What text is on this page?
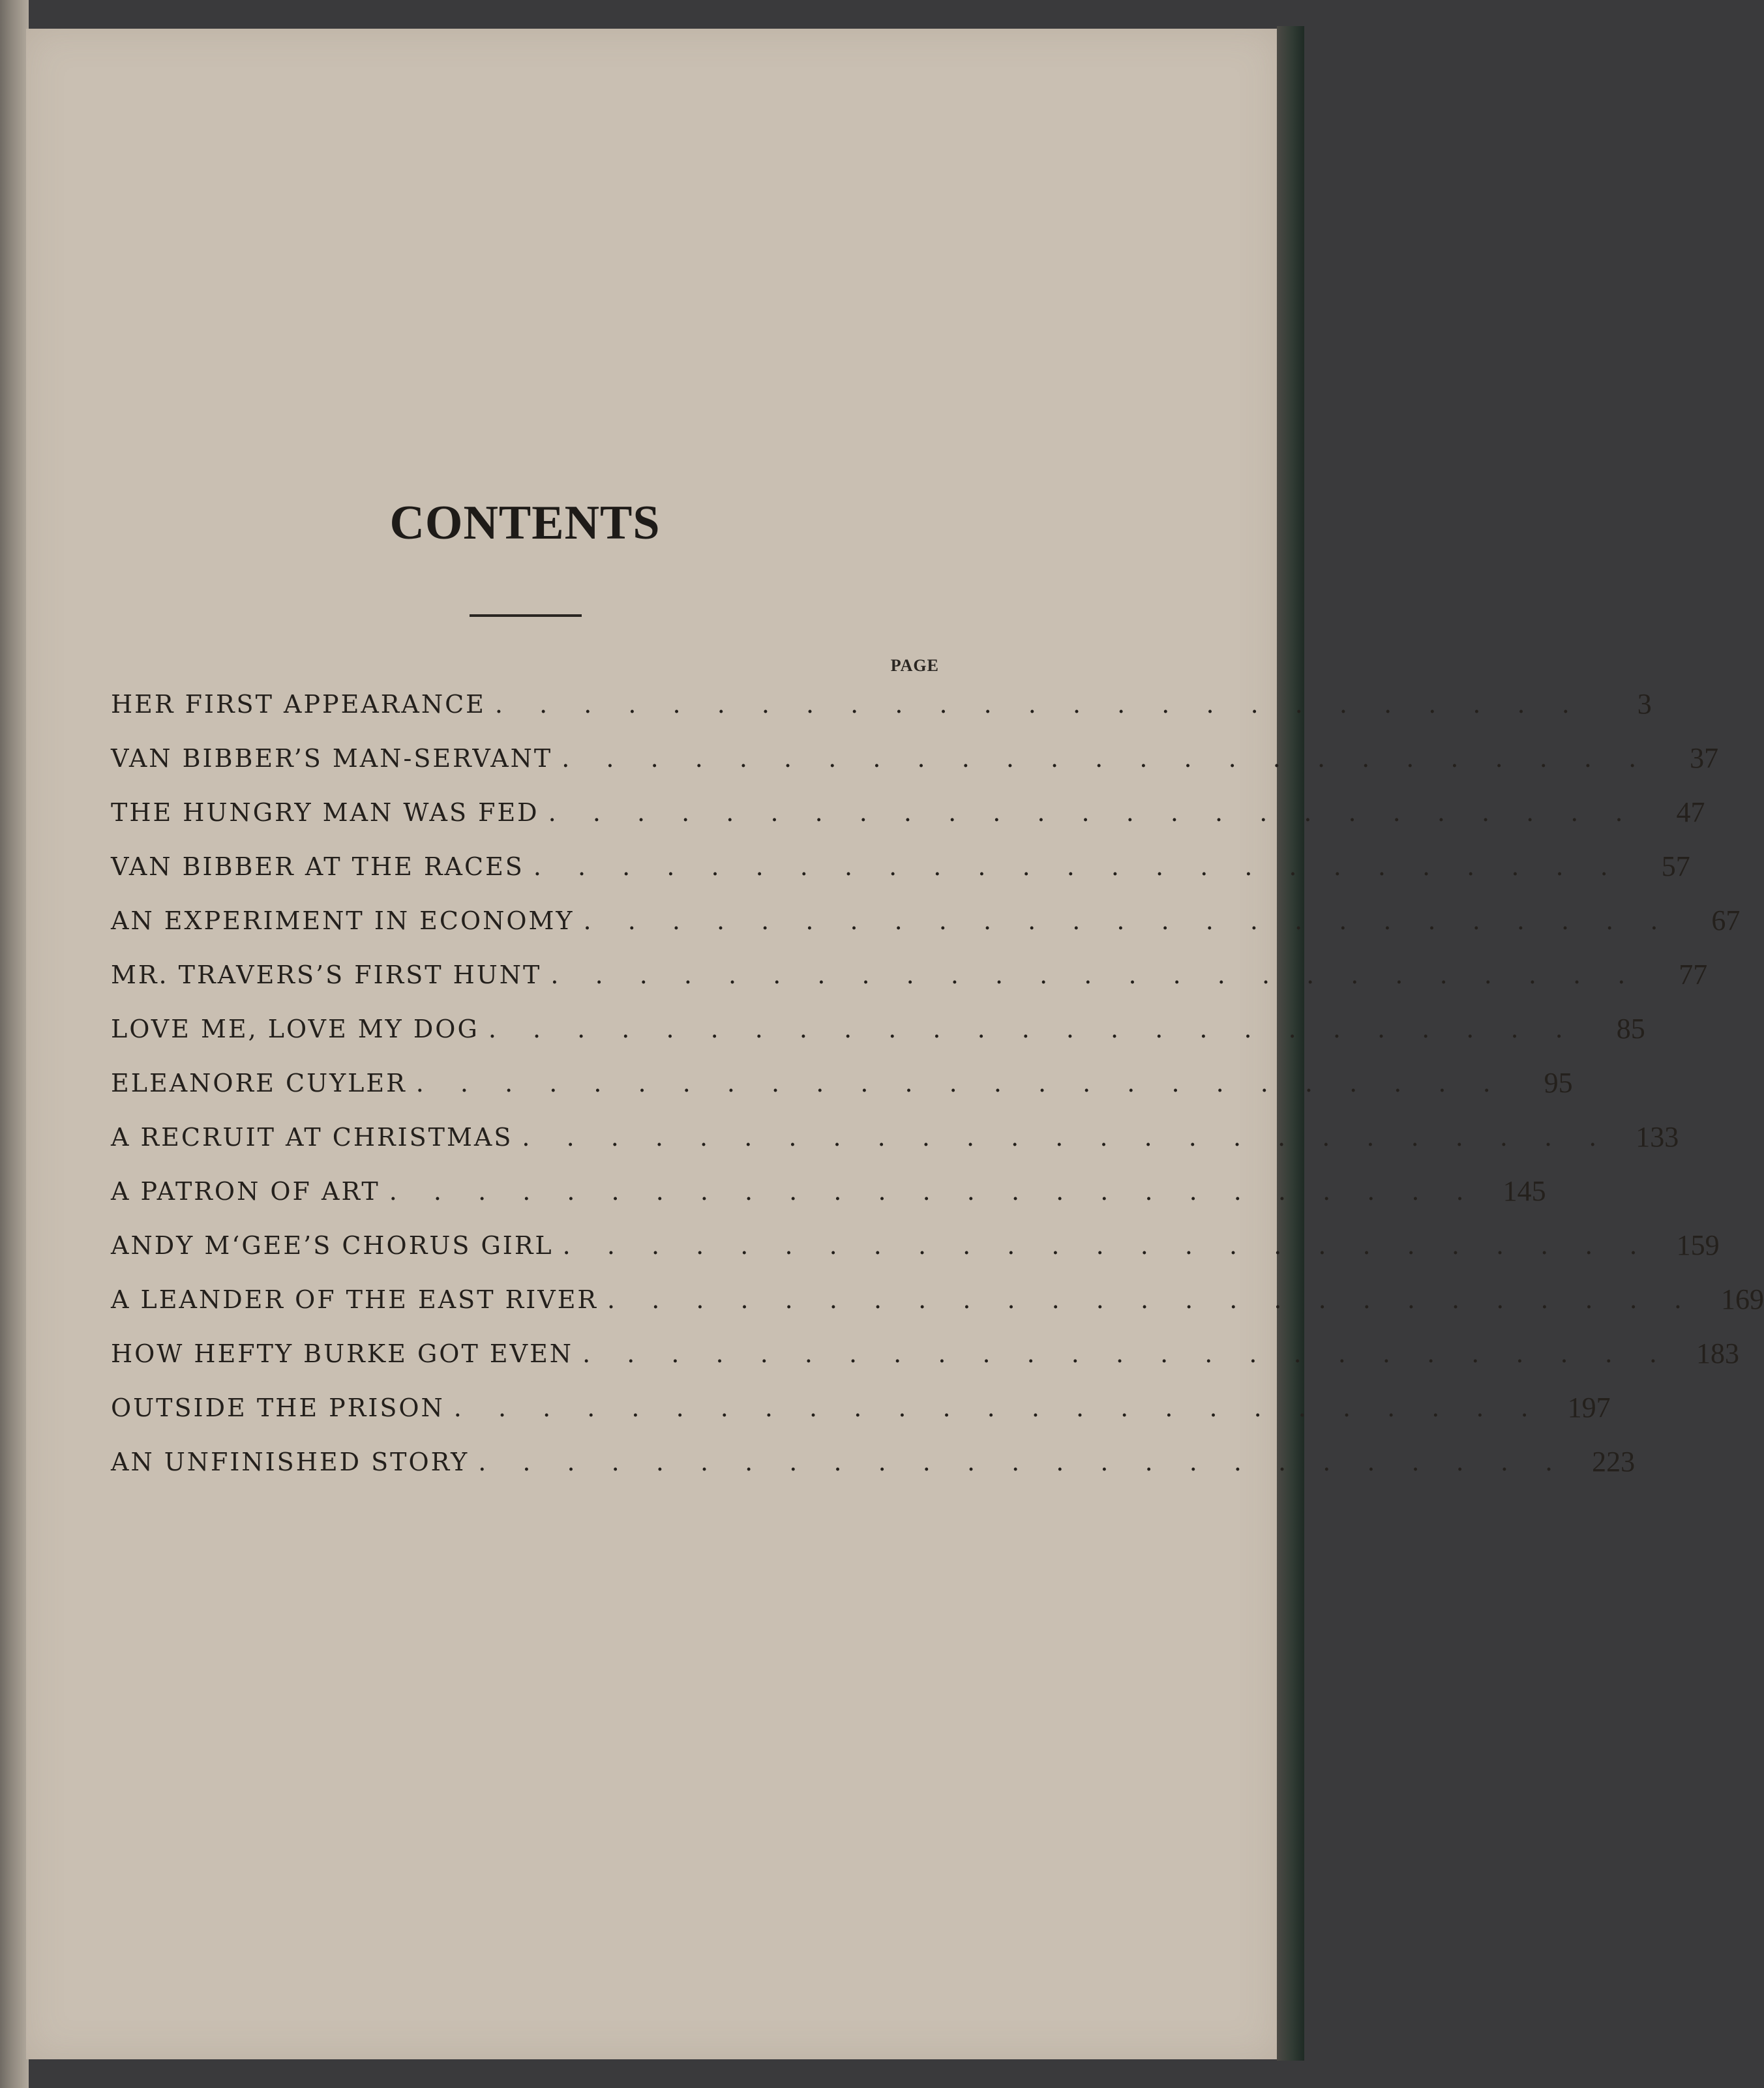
CONTENTS
PAGE
HER FIRST APPEARANCE . . . . . . . . . . . . . . . . . . . . . . . . .	3
VAN BIBBER’S MAN-SERVANT . . . . . . . . . . . . . . . . . . . . . . . . .	37
THE HUNGRY MAN WAS FED . . . . . . . . . . . . . . . . . . . . . . . . .	47
VAN BIBBER AT THE RACES . . . . . . . . . . . . . . . . . . . . . . . . .	57
AN EXPERIMENT IN ECONOMY . . . . . . . . . . . . . . . . . . . . . . . . .	67
MR. TRAVERS’S FIRST HUNT . . . . . . . . . . . . . . . . . . . . . . . . .	77
LOVE ME, LOVE MY DOG . . . . . . . . . . . . . . . . . . . . . . . . .	85
ELEANORE CUYLER . . . . . . . . . . . . . . . . . . . . . . . . .	95
A RECRUIT AT CHRISTMAS . . . . . . . . . . . . . . . . . . . . . . . . . 133
A PATRON OF ART . . . . . . . . . . . . . . . . . . . . . . . . . 145
ANDY M‘GEE’S CHORUS GIRL . . . . . . . . . . . . . . . . . . . . . . . . . 159
A LEANDER OF THE EAST RIVER . . . . . . . . . . . . . . . . . . . . . . . . . 169
HOW HEFTY BURKE GOT EVEN . . . . . . . . . . . . . . . . . . . . . . . . . 183
OUTSIDE THE PRISON . . . . . . . . . . . . . . . . . . . . . . . . . 197
AN UNFINISHED STORY . . . . . . . . . . . . . . . . . . . . . . . . . 223
